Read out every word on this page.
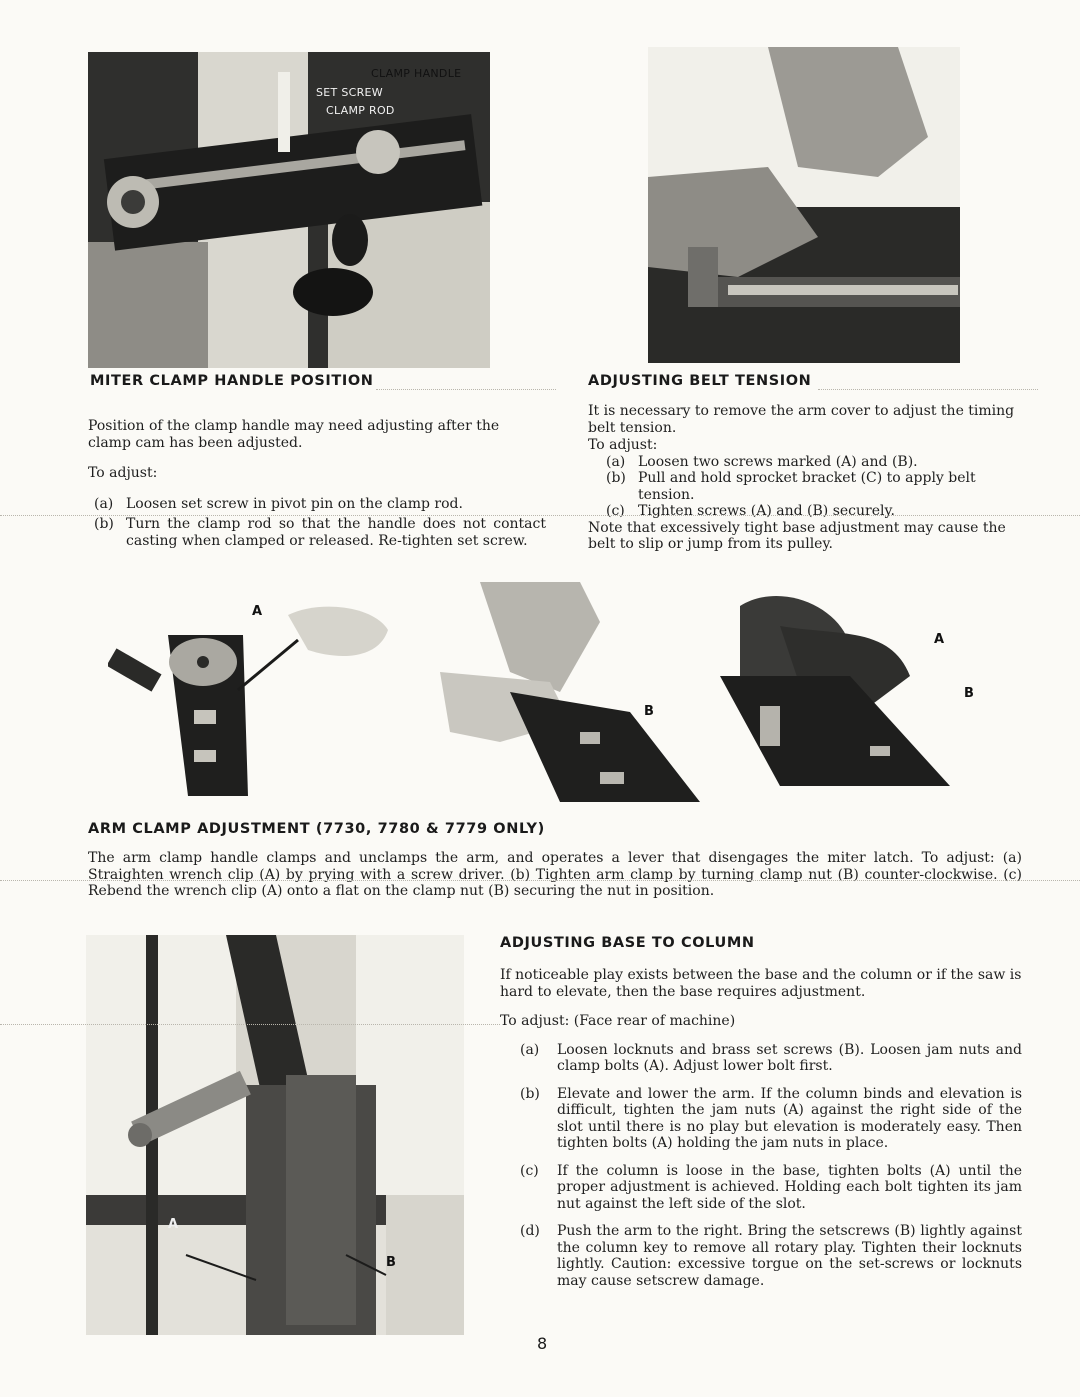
CLAMP HANDLE
SET SCREW
CLAMP ROD
MITER CLAMP HANDLE POSITION	ADJUSTING BELT TENSION

Position of the clamp handle may need adjusting after the clamp cam has been adjusted.

To adjust:

(a) Loosen set screw in pivot pin on the clamp rod.
(b) Turn the clamp rod so that the handle does not contact casting when clamped or released. Re-tighten set screw.

It is necessary to remove the arm cover to adjust the timing belt tension.

To adjust:

(a) Loosen two screws marked (A) and (B).
(b) Pull and hold sprocket bracket (C) to apply belt tension.
(c) Tighten screws (A) and (B) securely.

Note that excessively tight base adjustment may cause the belt to slip or jump from its pulley.

A
B
A
B
ARM CLAMP ADJUSTMENT (7730, 7780 & 7779 ONLY)
The arm clamp handle clamps and unclamps the arm, and operates a lever that disengages the miter latch. To adjust: (a) Straighten wrench clip (A) by prying with a screw driver. (b) Tighten arm clamp by turning clamp nut (B) counter-clockwise. (c) Rebend the wrench clip (A) onto a flat on the clamp nut (B) securing the nut in position.
A
B
ADJUSTING BASE TO COLUMN

If noticeable play exists between the base and the column or if the saw is hard to elevate, then the base requires adjustment.

To adjust: (Face rear of machine)

(a)	Loosen locknuts and brass set screws (B). Loosen jam nuts and clamp bolts (A). Adjust lower bolt first.
(b)	Elevate and lower the arm. If the column binds and elevation is difficult, tighten the jam nuts (A) against the right side of the slot until there is no play but elevation is moderately easy. Then tighten bolts (A) holding the jam nuts in place.
(c)	If the column is loose in the base, tighten bolts (A) until the proper adjustment is achieved. Holding each bolt tighten its jam nut against the left side of the slot.
(d)	Push the arm to the right. Bring the setscrews (B) lightly against the column key to remove all rotary play. Tighten their locknuts lightly. Caution: excessive torgue on the set-screws or locknuts may cause setscrew damage.
8
